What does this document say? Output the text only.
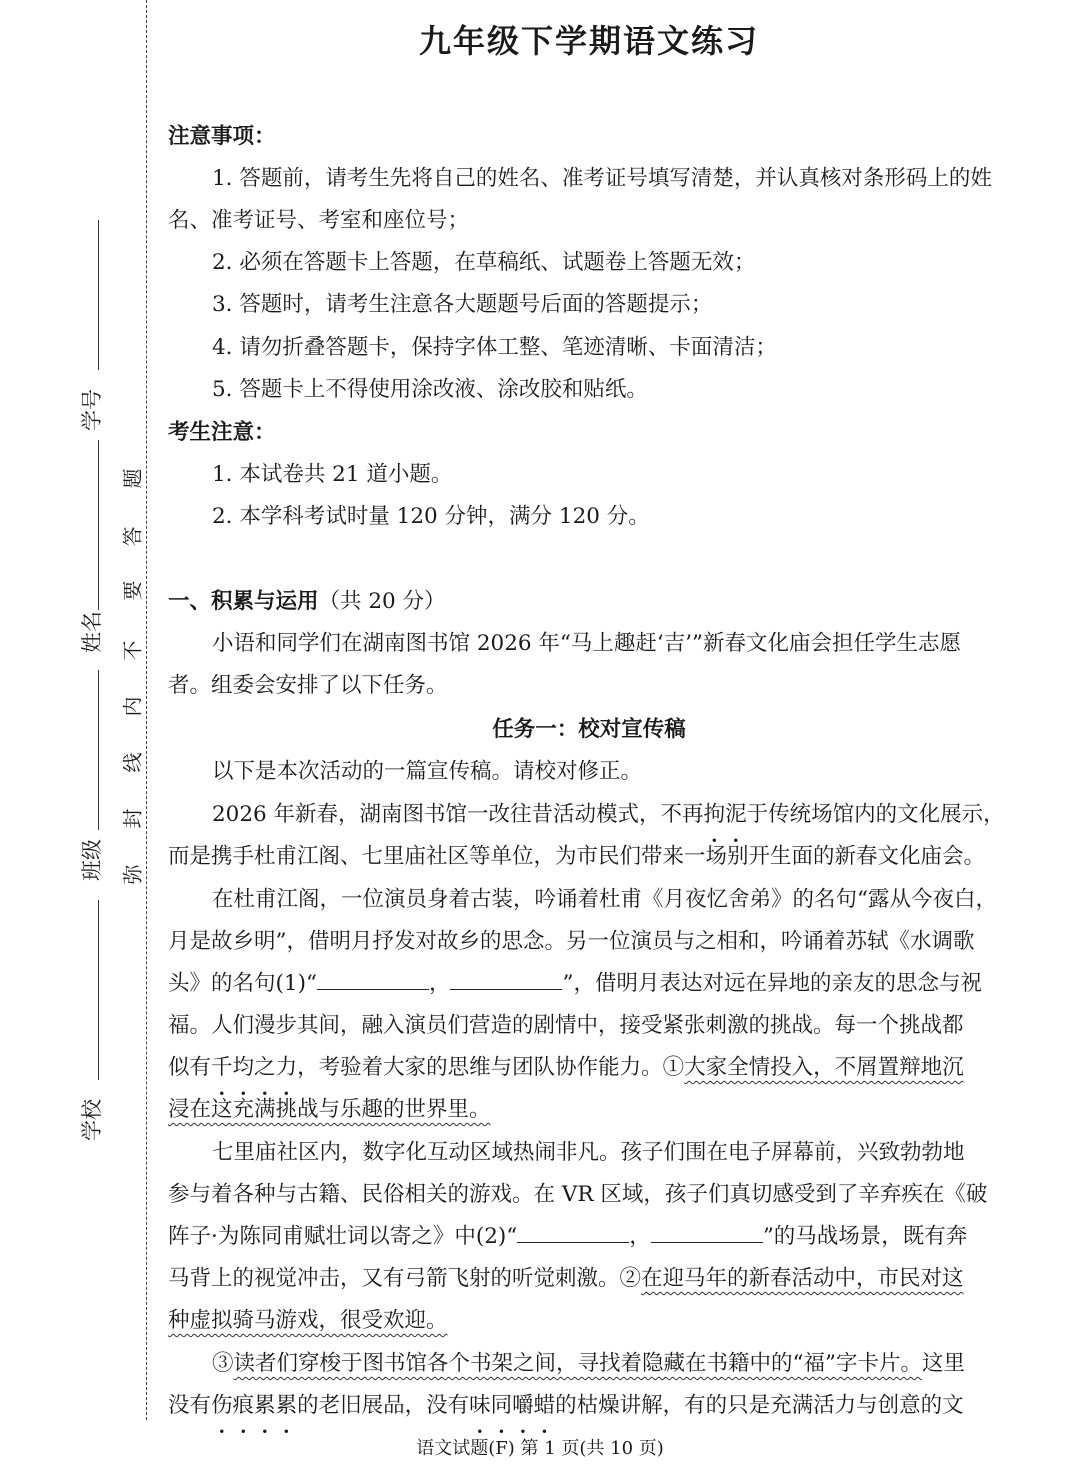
学号
姓名
班级
学校
题
答
要
不
内
线
封
弥
九年级下学期语文练习
注意事项：
1. 答题前，请考生先将自己的姓名、准考证号填写清楚，并认真核对条形码上的姓
名、准考证号、考室和座位号；
2. 必须在答题卡上答题，在草稿纸、试题卷上答题无效；
3. 答题时，请考生注意各大题题号后面的答题提示；
4. 请勿折叠答题卡，保持字体工整、笔迹清晰、卡面清洁；
5. 答题卡上不得使用涂改液、涂改胶和贴纸。
考生注意：
1. 本试卷共 21 道小题。
2. 本学科考试时量 120 分钟，满分 120 分。
一、积累与运用（共 20 分）
小语和同学们在湖南图书馆 2026 年“马上趣赶‘吉’”新春文化庙会担任学生志愿
者。组委会安排了以下任务。
任务一：校对宣传稿
以下是本次活动的一篇宣传稿。请校对修正。
2026 年新春，湖南图书馆一改往昔活动模式，不再拘泥于传统场馆内的文化展示，
而是携手杜甫江阁、七里庙社区等单位，为市民们带来一场别开生面的新春文化庙会。
在杜甫江阁，一位演员身着古装，吟诵着杜甫《月夜忆舍弟》的名句“露从今夜白，
月是故乡明”，借明月抒发对故乡的思念。另一位演员与之相和，吟诵着苏轼《水调歌
头》的名句(1)“	，	”，借明月表达对远在异地的亲友的思念与祝
福。人们漫步其间，融入演员们营造的剧情中，接受紧张刺激的挑战。每一个挑战都
似有千均之力，考验着大家的思维与团队协作能力。①大家全情投入，不屑置辩地沉
浸在这充满挑战与乐趣的世界里。
七里庙社区内，数字化互动区域热闹非凡。孩子们围在电子屏幕前，兴致勃勃地
参与着各种与古籍、民俗相关的游戏。在 VR 区域，孩子们真切感受到了辛弃疾在《破
阵子·为陈同甫赋壮词以寄之》中(2)“	，	”的马战场景，既有奔
马背上的视觉冲击，又有弓箭飞射的听觉刺激。②在迎马年的新春活动中，市民对这
种虚拟骑马游戏，很受欢迎。
③读者们穿梭于图书馆各个书架之间，寻找着隐藏在书籍中的“福”字卡片。这里
没有伤痕累累的老旧展品，没有味同嚼蜡的枯燥讲解，有的只是充满活力与创意的文
语文试题(F) 第 1 页(共 10 页)
